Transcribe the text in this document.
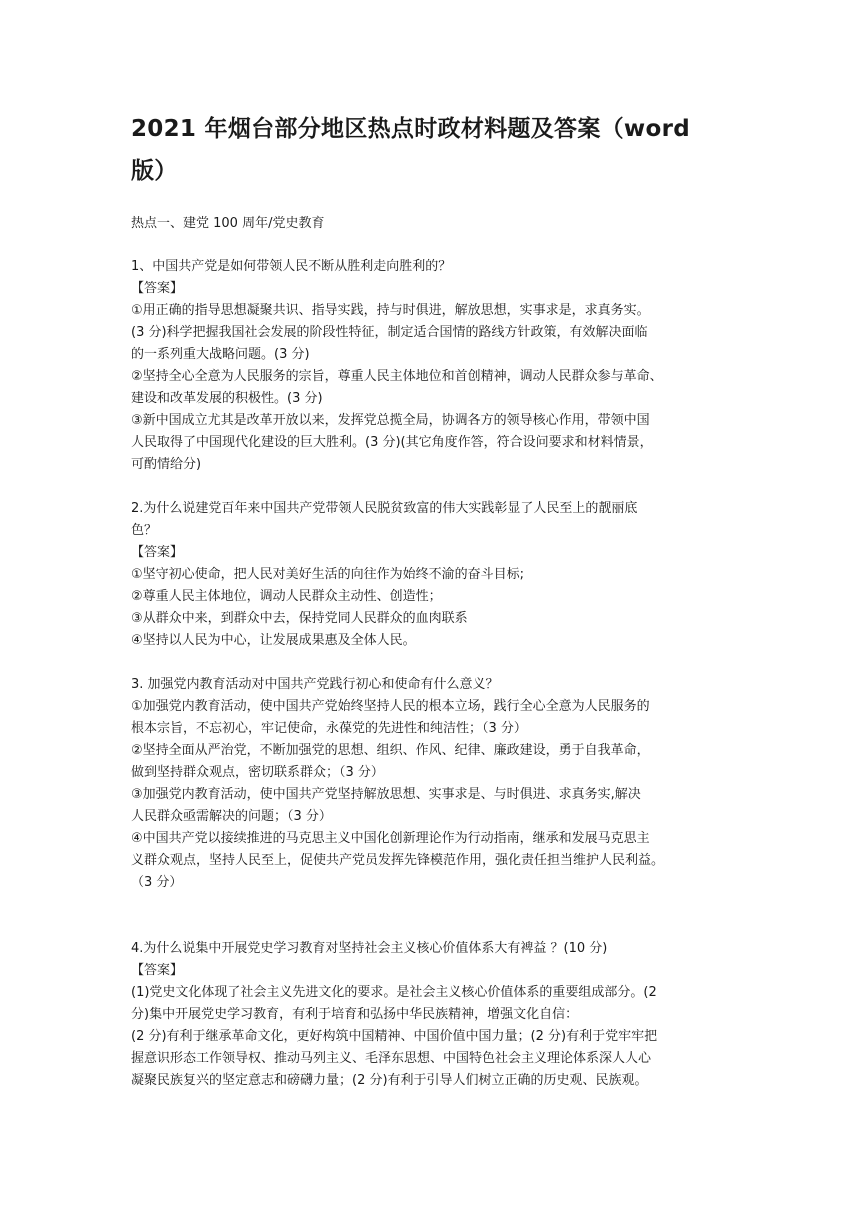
2021 年烟台部分地区热点时政材料题及答案（word
版）
热点一、建党 100 周年/党史教育
1、中国共产党是如何带领人民不断从胜利走向胜利的？
【答案】
①用正确的指导思想凝聚共识、指导实践，持与时俱进，解放思想，实事求是，求真务实。
(3 分)科学把握我国社会发展的阶段性特征，制定适合国情的路线方针政策，有效解决面临
的一系列重大战略问题。(3 分)
②坚持全心全意为人民服务的宗旨，尊重人民主体地位和首创精神，调动人民群众参与革命、
建设和改革发展的积极性。(3 分)
③新中国成立尤其是改革开放以来，发挥党总揽全局，协调各方的领导核心作用，带领中国
人民取得了中国现代化建设的巨大胜利。(3 分)(其它角度作答，符合设问要求和材料情景，
可酌情给分)
2.为什么说建党百年来中国共产党带领人民脱贫致富的伟大实践彰显了人民至上的靓丽底
色？
【答案】
①坚守初心使命，把人民对美好生活的向往作为始终不渝的奋斗目标;
②尊重人民主体地位，调动人民群众主动性、创造性；
③从群众中来，到群众中去，保持党同人民群众的血肉联系
④坚持以人民为中心，让发展成果惠及全体人民。
3. 加强党内教育活动对中国共产党践行初心和使命有什么意义？
①加强党内教育活动，使中国共产党始终坚持人民的根本立场，践行全心全意为人民服务的
根本宗旨，不忘初心，牢记使命，永葆党的先进性和纯洁性；（3 分）
②坚持全面从严治党，不断加强党的思想、组织、作风、纪律、廉政建设，勇于自我革命，
做到坚持群众观点，密切联系群众；（3 分）
③加强党内教育活动，使中国共产党坚持解放思想、实事求是、与时俱进、求真务实,解决
人民群众亟需解决的问题；（3 分）
④中国共产党以接续推进的马克思主义中国化创新理论作为行动指南，继承和发展马克思主
义群众观点，坚持人民至上，促使共产党员发挥先锋模范作用，强化责任担当维护人民利益。
（3 分）
4.为什么说集中开展党史学习教育对坚持社会主义核心价值体系大有裨益 ？(10 分)
【答案】
(1)党史文化体现了社会主义先进文化的要求。是社会主义核心价值体系的重要组成部分。(2
分)集中开展党史学习教育，有利于培育和弘扬中华民族精神，增强文化自信：
(2 分)有利于继承革命文化，更好构筑中国精神、中国价值中国力量；(2 分)有利于党牢牢把
握意识形态工作领导权、推动马列主义、毛泽东思想、中国特色社会主义理论体系深人人心
凝聚民族复兴的坚定意志和磅礴力量；(2 分)有利于引导人们树立正确的历史观、民族观。
